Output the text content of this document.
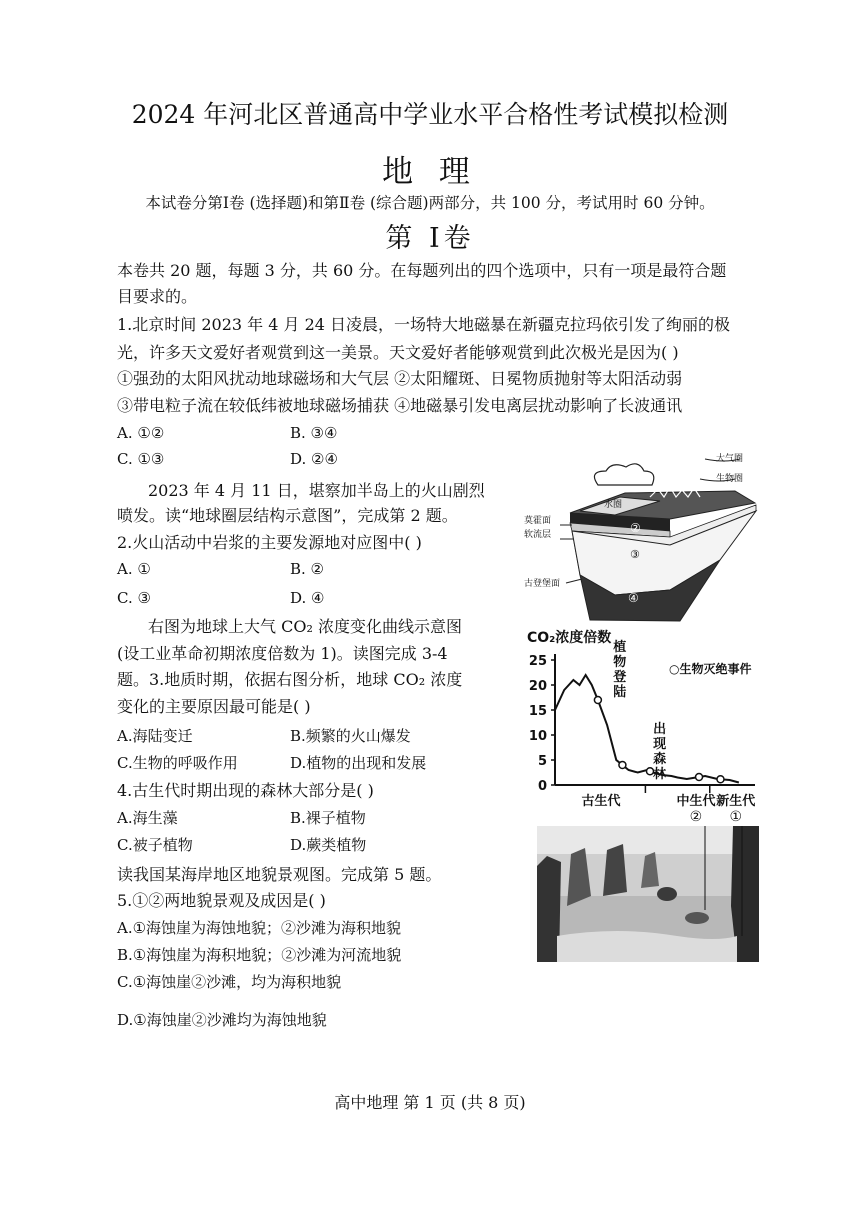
2024 年河北区普通高中学业水平合格性考试模拟检测
地 理
本试卷分第Ⅰ卷 (选择题)和第Ⅱ卷 (综合题)两部分，共 100 分，考试用时 60 分钟。
第 Ⅰ卷
本卷共 20 题，每题 3 分，共 60 分。在每题列出的四个选项中，只有一项是最符合题
目要求的。
1.北京时间 2023 年 4 月 24 日凌晨，一场特大地磁暴在新疆克拉玛依引发了绚丽的极
光，许多天文爱好者观赏到这一美景。天文爱好者能够观赏到此次极光是因为( )
①强劲的太阳风扰动地球磁场和大气层 ②太阳耀斑、日冕物质抛射等太阳活动弱
③带电粒子流在较低纬被地球磁场捕获 ④地磁暴引发电离层扰动影响了长波通讯
A. ①②	B. ③④
C. ①③	D. ②④
2023 年 4 月 11 日，堪察加半岛上的火山剧烈
喷发。读“地球圈层结构示意图”，完成第 2 题。
2.火山活动中岩浆的主要发源地对应图中( )
A. ①	B. ②
C. ③	D. ④
右图为地球上大气 CO₂ 浓度变化曲线示意图
(设工业革命初期浓度倍数为 1)。读图完成 3-4
题。3.地质时期，依据右图分析，地球 CO₂ 浓度
变化的主要原因最可能是( )
A.海陆变迁	B.频繁的火山爆发
C.生物的呼吸作用	D.植物的出现和发展
4.古生代时期出现的森林大部分是( )
A.海生藻	B.裸子植物
C.被子植物	D.蕨类植物
读我国某海岸地区地貌景观图。完成第 5 题。
5.①②两地貌景观及成因是( )
A.①海蚀崖为海蚀地貌；②沙滩为海积地貌
B.①海蚀崖为海积地貌；②沙滩为河流地貌
C.①海蚀崖②沙滩，均为海积地貌
D.①海蚀崖②沙滩均为海蚀地貌
大气圈
生物圈
水圈
莫霍面
软流层
古登堡面
②
③
④
CO₂浓度倍数
0
5
10
15
20
25
古生代	中生代 新生代
② ①
○生物灭绝事件
植物登陆
出现森林
高中地理 第 1 页 (共 8 页)
